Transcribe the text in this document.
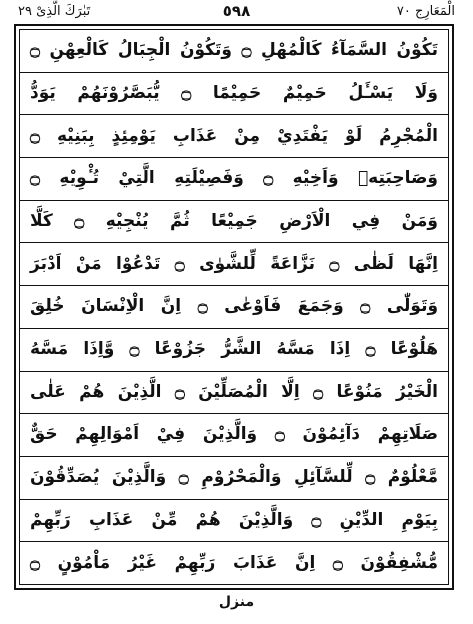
تَبٰرَكَ الَّذِیْ ۲۹	٥٩٨	الْمَعَارِج ٧٠
تَكُوْنُ السَّمَآءُ كَالْمُهْلِ ۝ وَتَكُوْنُ الْجِبَالُ كَالْعِهْنِ ۝
وَلَا يَسْـَٔلُ حَمِيْمٌ حَمِيْمًا ۝ يُّبَصَّرُوْنَهُمْ يَوَدُّ
الْمُجْرِمُ لَوْ يَفْتَدِيْ مِنْ عَذَابِ يَوْمِئِذٍ بِبَنِيْهِ ۝
وَصَاحِبَتِهٖ وَاَخِيْهِ ۝ وَفَصِيْلَتِهِ الَّتِيْ تُـْٔوِيْهِ ۝
وَمَنْ فِي الْاَرْضِ جَمِيْعًا ثُمَّ يُنْجِيْهِ ۝ كَلَّا
اِنَّهَا لَظٰى ۝ نَزَّاعَةً لِّلشَّوٰى ۝ تَدْعُوْا مَنْ اَدْبَرَ
وَتَوَلّٰى ۝ وَجَمَعَ فَاَوْعٰى ۝ اِنَّ الْاِنْسَانَ خُلِقَ
هَلُوْعًا ۝ اِذَا مَسَّهُ الشَّرُّ جَزُوْعًا ۝ وَّاِذَا مَسَّهُ
الْخَيْرُ مَنُوْعًا ۝ اِلَّا الْمُصَلِّيْنَ ۝ الَّذِيْنَ هُمْ عَلٰى
صَلَاتِهِمْ دَآئِمُوْنَ ۝ وَالَّذِيْنَ فِيْ اَمْوَالِهِمْ حَقٌّ
مَّعْلُوْمٌ ۝ لِّلسَّآئِلِ وَالْمَحْرُوْمِ ۝ وَالَّذِيْنَ يُصَدِّقُوْنَ
بِيَوْمِ الدِّيْنِ ۝ وَالَّذِيْنَ هُمْ مِّنْ عَذَابِ رَبِّهِمْ
مُّشْفِقُوْنَ ۝ اِنَّ عَذَابَ رَبِّهِمْ غَيْرُ مَاْمُوْنٍ ۝
منزل
